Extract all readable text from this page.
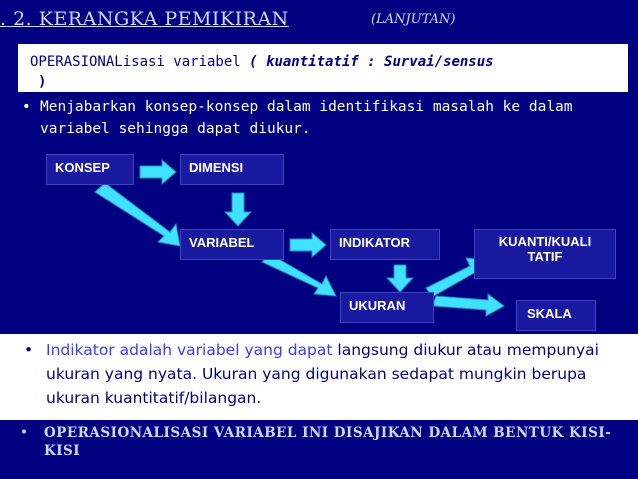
. 2. KERANGKA PEMIKIRAN	(LANJUTAN)
OPERASIONALisasi variabel ( kuantitatif : Survai/sensus
)
• Menjabarkan konsep-konsep dalam identifikasi masalah ke dalam variabel sehingga dapat diukur.
KONSEP	DIMENSI
VARIABEL	INDIKATOR	KUANTI/KUALI
TATIF
UKURAN
SKALA
• Indikator adalah variabel yang dapat langsung diukur atau mempunyai ukuran yang nyata. Ukuran yang digunakan sedapat mungkin berupa ukuran kuantitatif/bilangan.
•	OPERASIONALISASI VARIABEL INI DISAJIKAN DALAM BENTUK KISI-KISI
